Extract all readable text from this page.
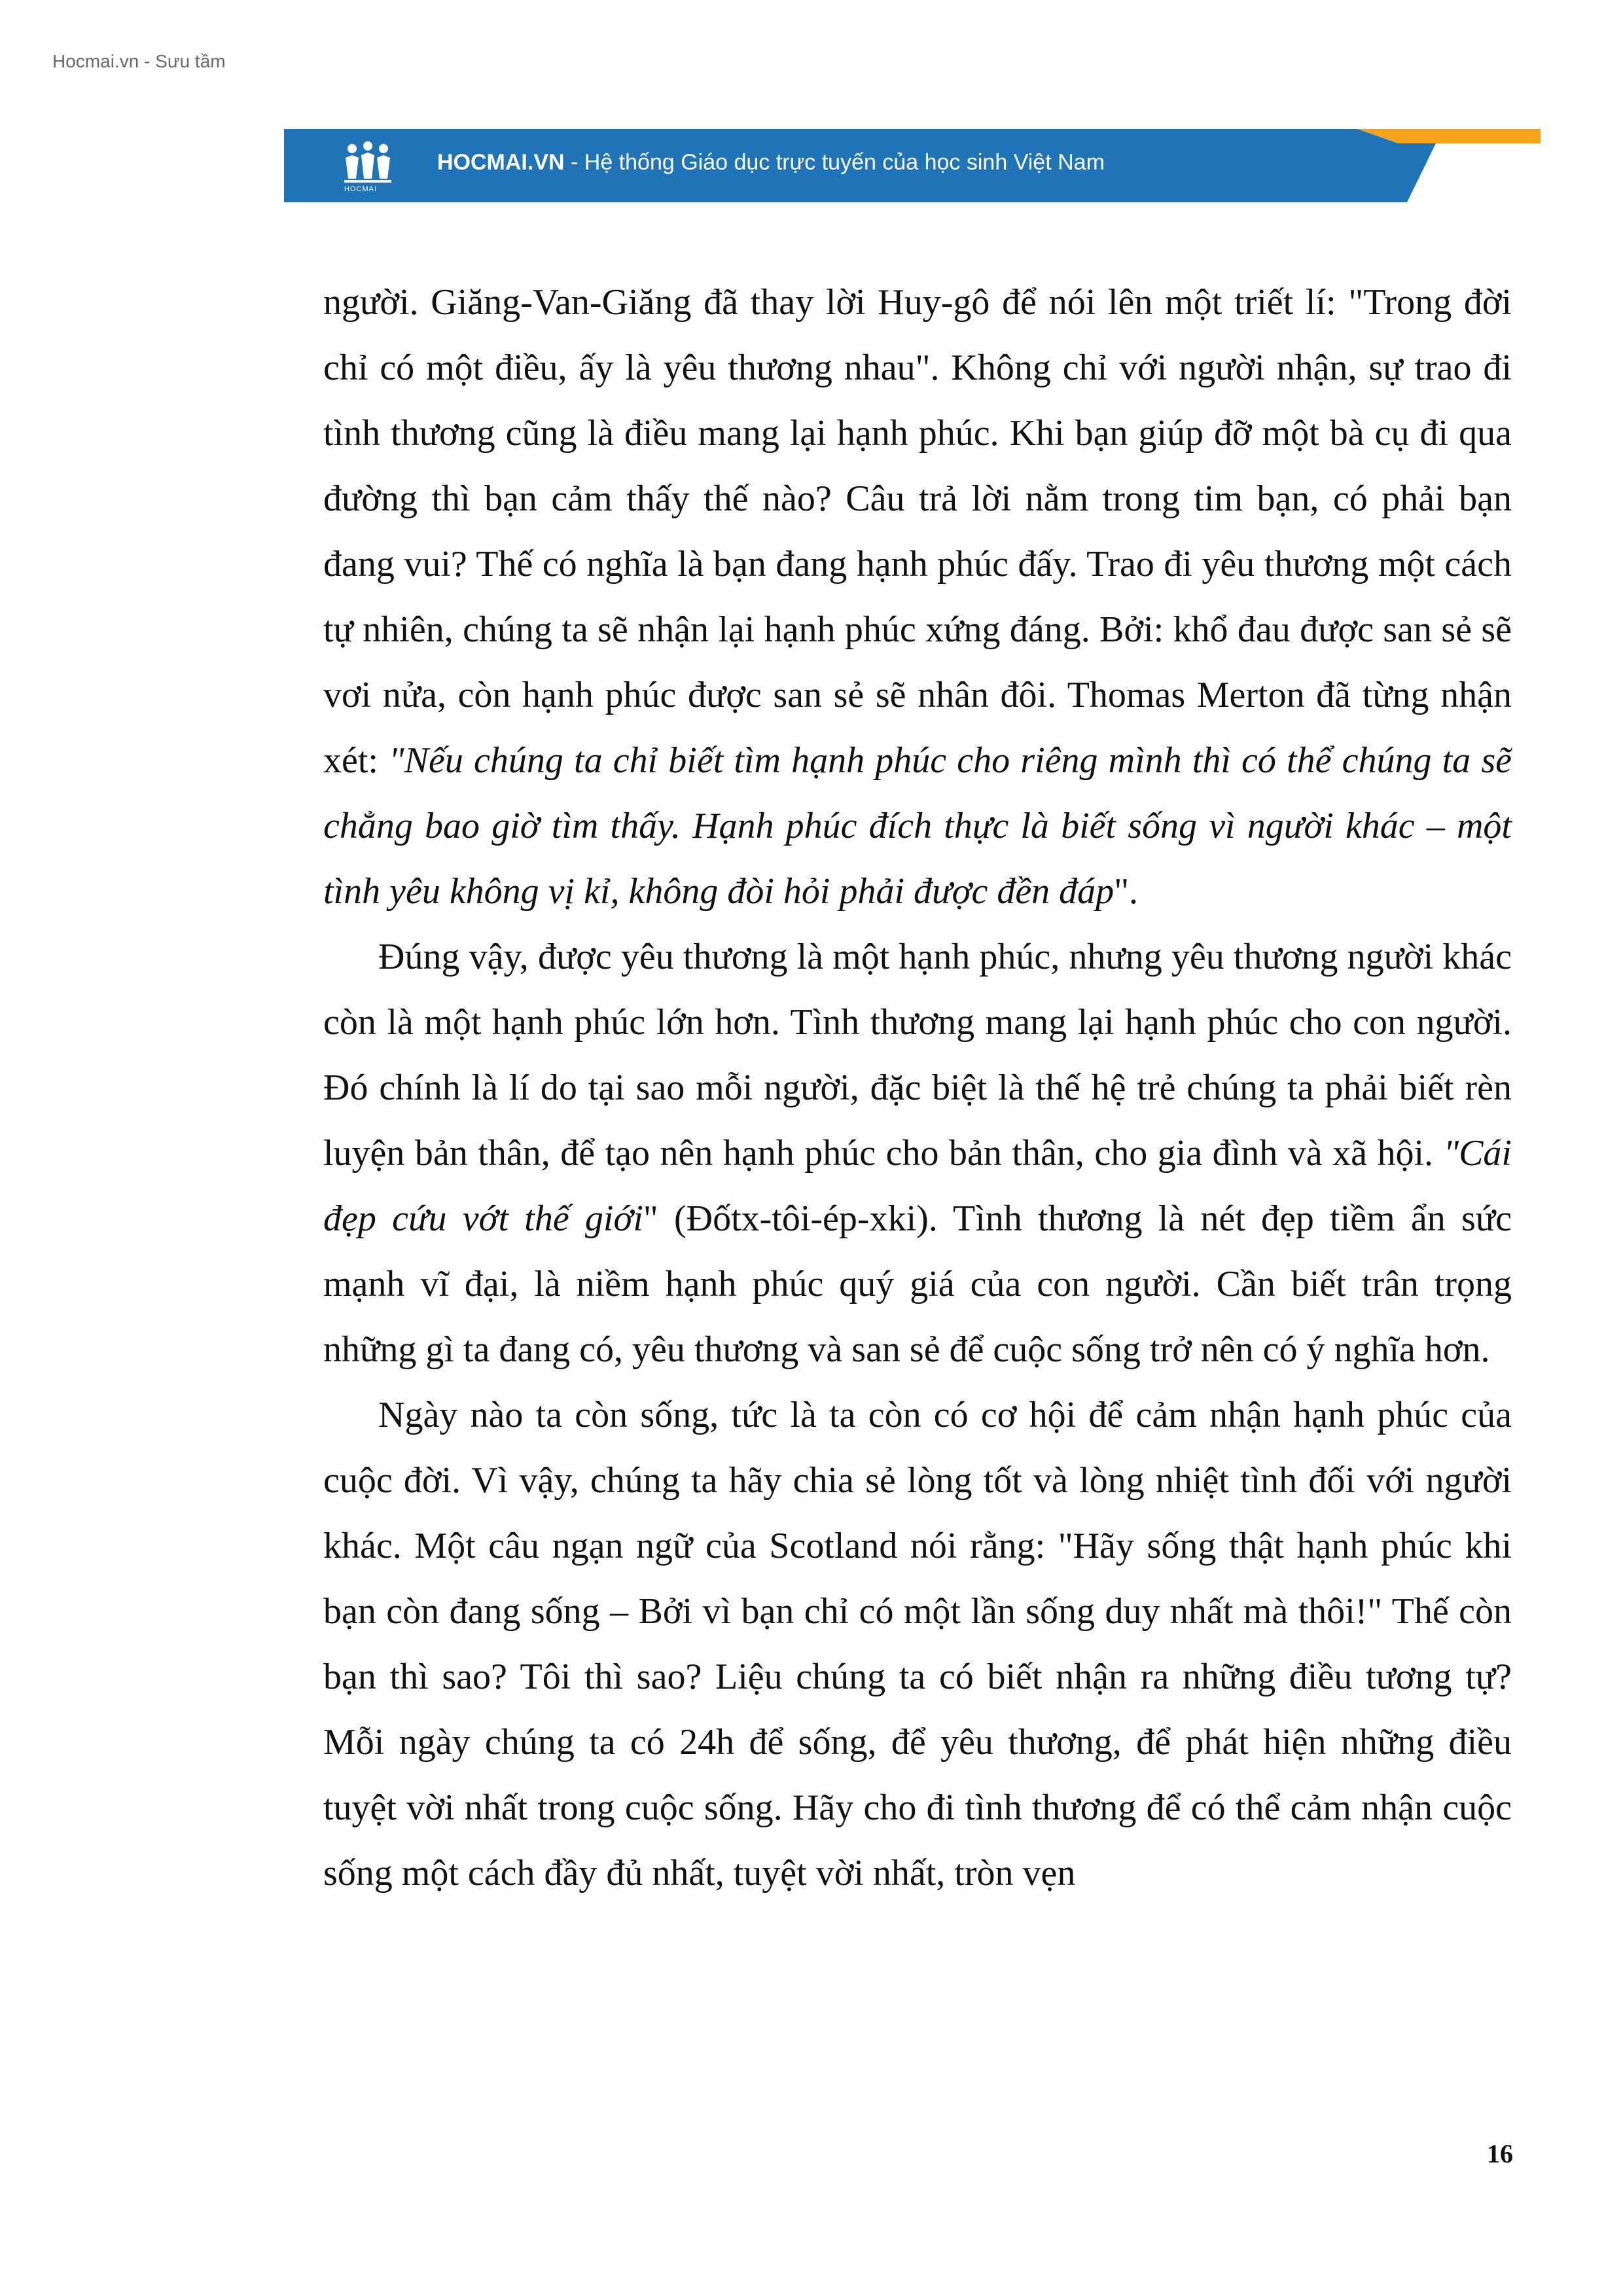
Hocmai.vn - Sưu tầm
HOCMAI
HOCMAI.VN - Hệ thống Giáo dục trực tuyến của học sinh Việt Nam

người. Giăng-Van-Giăng đã thay lời Huy-gô để nói lên một triết lí: "Trong đời chỉ có một điều, ấy là yêu thương nhau". Không chỉ với người nhận, sự trao đi tình thương cũng là điều mang lại hạnh phúc. Khi bạn giúp đỡ một bà cụ đi qua đường thì bạn cảm thấy thế nào? Câu trả lời nằm trong tim bạn, có phải bạn đang vui? Thế có nghĩa là bạn đang hạnh phúc đấy. Trao đi yêu thương một cách tự nhiên, chúng ta sẽ nhận lại hạnh phúc xứng đáng. Bởi: khổ đau được san sẻ sẽ vơi nửa, còn hạnh phúc được san sẻ sẽ nhân đôi. Thomas Merton đã từng nhận xét: "Nếu chúng ta chỉ biết tìm hạnh phúc cho riêng mình thì có thể chúng ta sẽ chẳng bao giờ tìm thấy. Hạnh phúc đích thực là biết sống vì người khác – một tình yêu không vị kỉ, không đòi hỏi phải được đền đáp".

Đúng vậy, được yêu thương là một hạnh phúc, nhưng yêu thương người khác còn là một hạnh phúc lớn hơn. Tình thương mang lại hạnh phúc cho con người. Đó chính là lí do tại sao mỗi người, đặc biệt là thế hệ trẻ chúng ta phải biết rèn luyện bản thân, để tạo nên hạnh phúc cho bản thân, cho gia đình và xã hội. "Cái đẹp cứu vớt thế giới" (Đốtx-tôi-ép-xki). Tình thương là nét đẹp tiềm ẩn sức mạnh vĩ đại, là niềm hạnh phúc quý giá của con người. Cần biết trân trọng những gì ta đang có, yêu thương và san sẻ để cuộc sống trở nên có ý nghĩa hơn.

Ngày nào ta còn sống, tức là ta còn có cơ hội để cảm nhận hạnh phúc của cuộc đời. Vì vậy, chúng ta hãy chia sẻ lòng tốt và lòng nhiệt tình đối với người khác. Một câu ngạn ngữ của Scotland nói rằng: "Hãy sống thật hạnh phúc khi bạn còn đang sống – Bởi vì bạn chỉ có một lần sống duy nhất mà thôi!" Thế còn bạn thì sao? Tôi thì sao? Liệu chúng ta có biết nhận ra những điều tương tự? Mỗi ngày chúng ta có 24h để sống, để yêu thương, để phát hiện những điều tuyệt vời nhất trong cuộc sống. Hãy cho đi tình thương để có thể cảm nhận cuộc sống một cách đầy đủ nhất, tuyệt vời nhất, tròn vẹn

16
